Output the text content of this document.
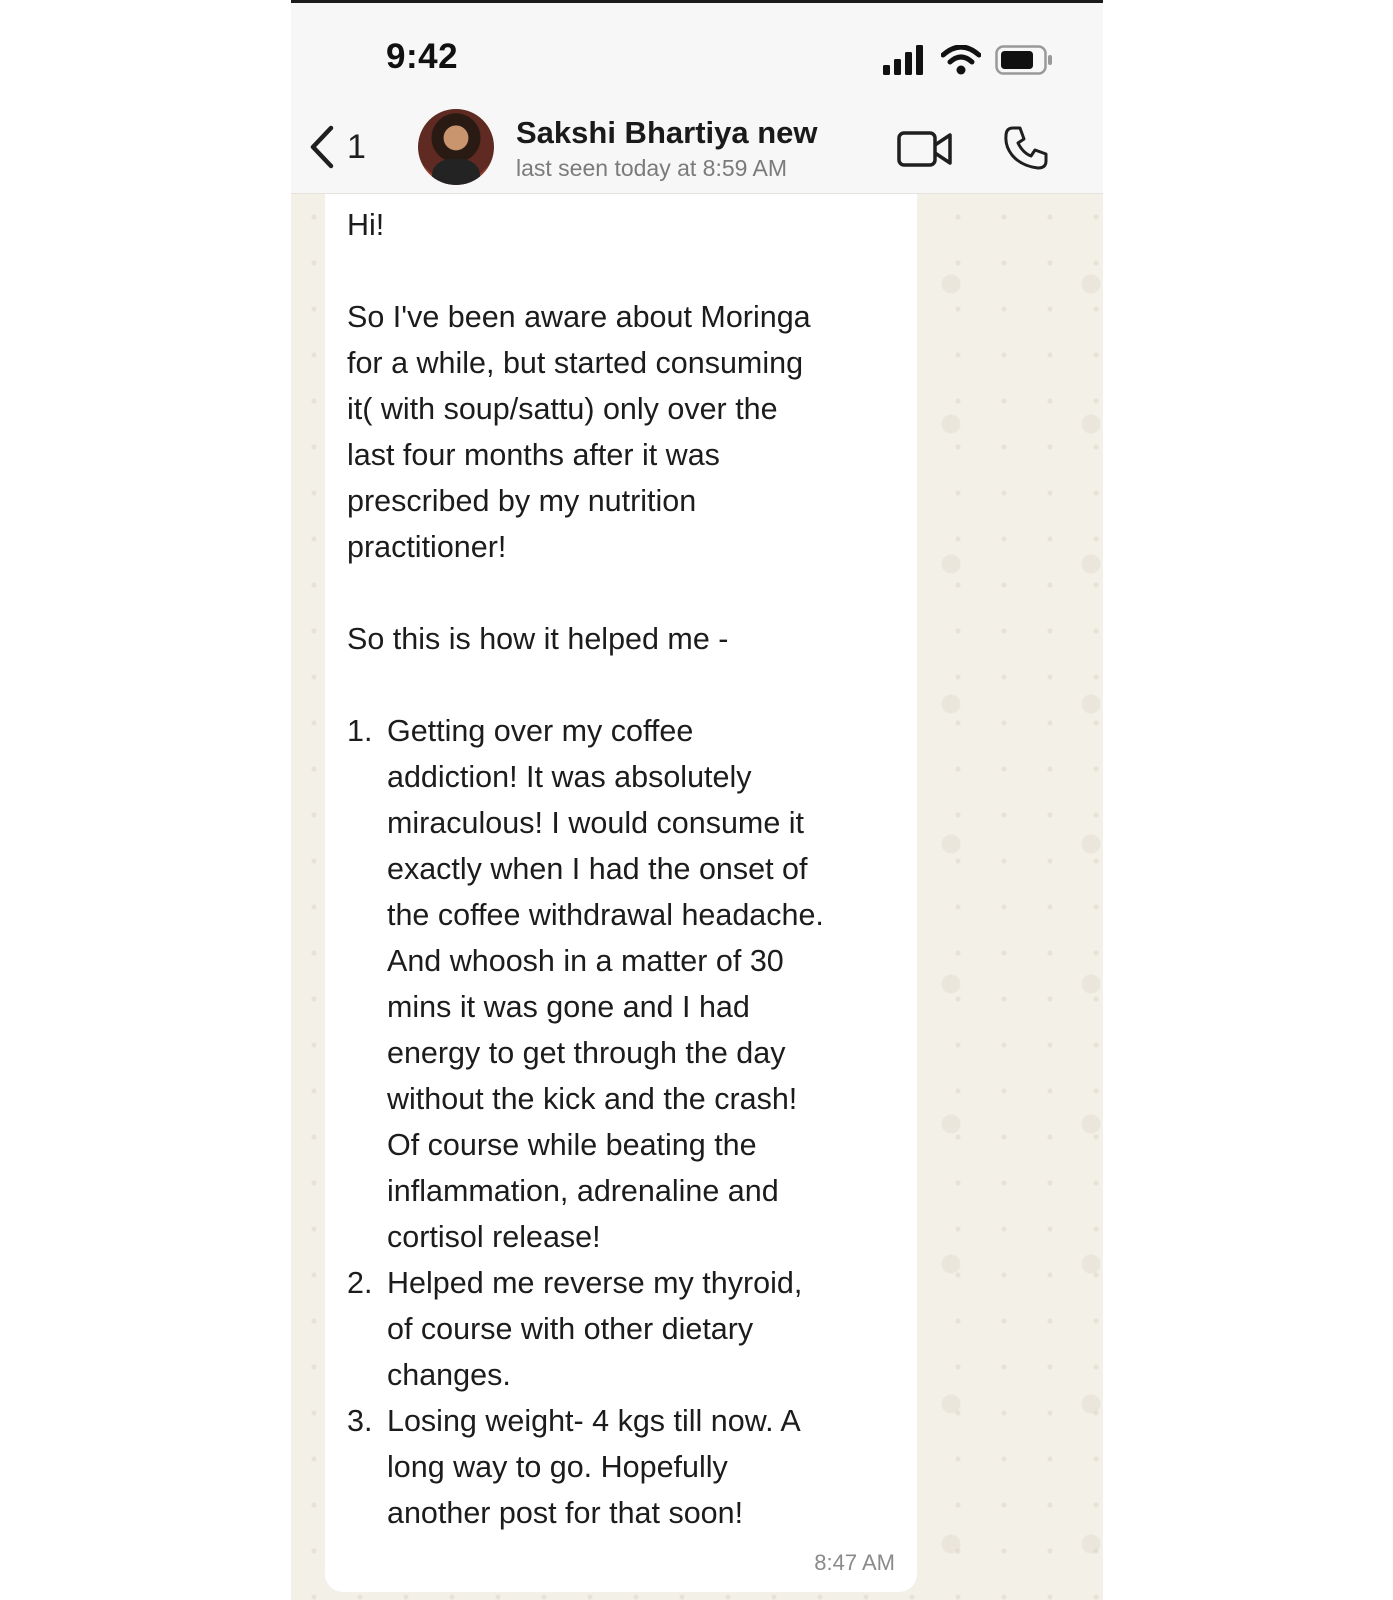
9:42
1	Sakshi Bhartiya new
last seen today at 8:59 AM

Hi!

So I've been aware about Moringa

for a while, but started consuming

it( with soup/sattu) only over the

last four months after it was

prescribed by my nutrition

practitioner!

So this is how it helped me -

1. Getting over my coffee

addiction! It was absolutely

miraculous! I would consume it

exactly when I had the onset of

the coffee withdrawal headache.

And whoosh in a matter of 30

mins it was gone and I had

energy to get through the day

without the kick and the crash!

Of course while beating the

inflammation, adrenaline and

cortisol release!

2. Helped me reverse my thyroid,

of course with other dietary

changes.

3. Losing weight- 4 kgs till now. A

long way to go. Hopefully

another post for that soon!

8:47 AM
